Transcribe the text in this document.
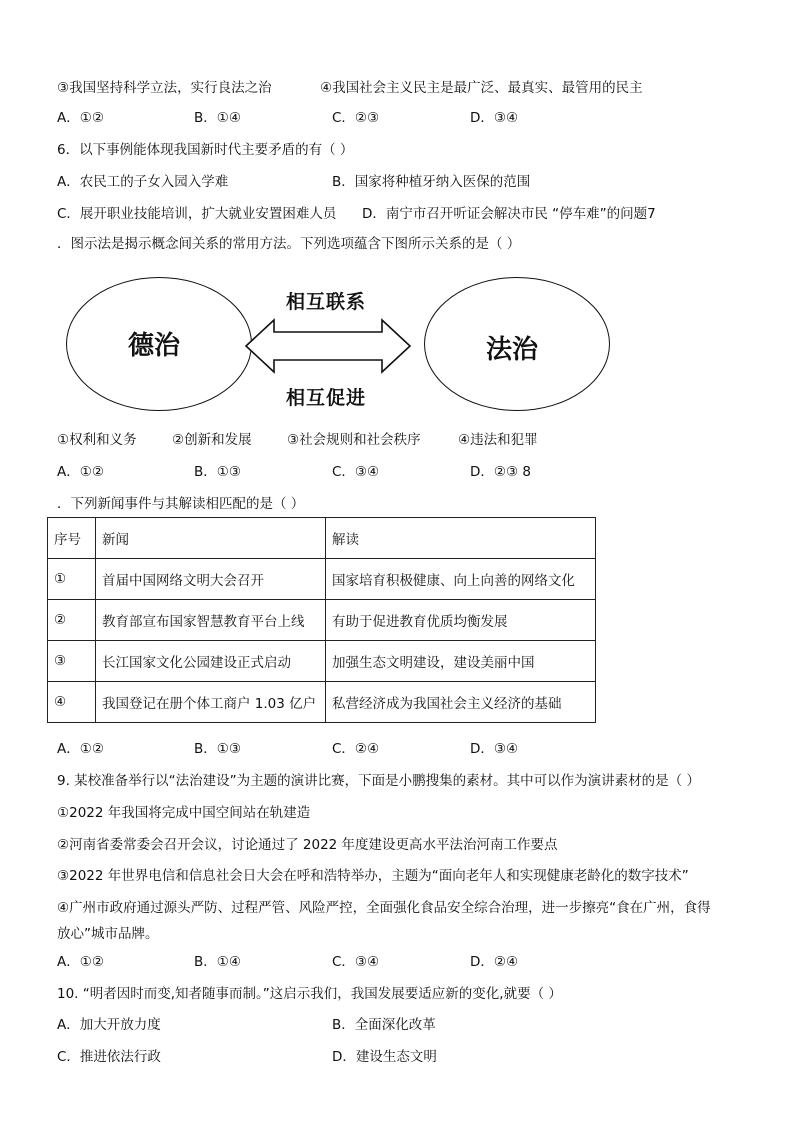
③我国坚持科学立法，实行良法之治	④我国社会主义民主是最广泛、最真实、最管用的民主
A．①②	B．①④	C．②③	D．③④
6．以下事例能体现我国新时代主要矛盾的有（ ）
A．农民工的子女入园入学难	B．国家将种植牙纳入医保的范围
C．展开职业技能培训，扩大就业安置困难人员 D．南宁市召开听证会解决市民 “停车难”的问题7
．图示法是揭示概念间关系的常用方法。下列选项蕴含下图所示关系的是（ ）
德治	法治
相互联系
相互促进
①权利和义务	②创新和发展	③社会规则和社会秩序	④违法和犯罪
A．①②	B．①③	C．③④	D．②③ 8
．下列新闻事件与其解读相匹配的是（ ）
序号	新闻	解读
①	首届中国网络文明大会召开	国家培育积极健康、向上向善的网络文化
②	教育部宣布国家智慧教育平台上线	有助于促进教育优质均衡发展
③	长江国家文化公园建设正式启动	加强生态文明建设，建设美丽中国
④	我国登记在册个体工商户 1.03 亿户	私营经济成为我国社会主义经济的基础
A．①②	B．①③	C．②④	D．③④
9. 某校准备举行以“法治建设”为主题的演讲比赛，下面是小鹏搜集的素材。其中可以作为演讲素材的是（ ）
①2022 年我国将完成中国空间站在轨建造
②河南省委常委会召开会议，讨论通过了 2022 年度建设更高水平法治河南工作要点
③2022 年世界电信和信息社会日大会在呼和浩特举办，主题为“面向老年人和实现健康老龄化的数字技术”
④广州市政府通过源头严防、过程严管、风险严控，全面强化食品安全综合治理，进一步擦亮“食在广州，食得
放心”城市品牌。
A．①②	B．①④	C．③④	D．②④
10. “明者因时而变,知者随事而制。”这启示我们，我国发展要适应新的变化,就要（ ）
A．加大开放力度	B．全面深化改革
C．推进依法行政	D．建设生态文明
